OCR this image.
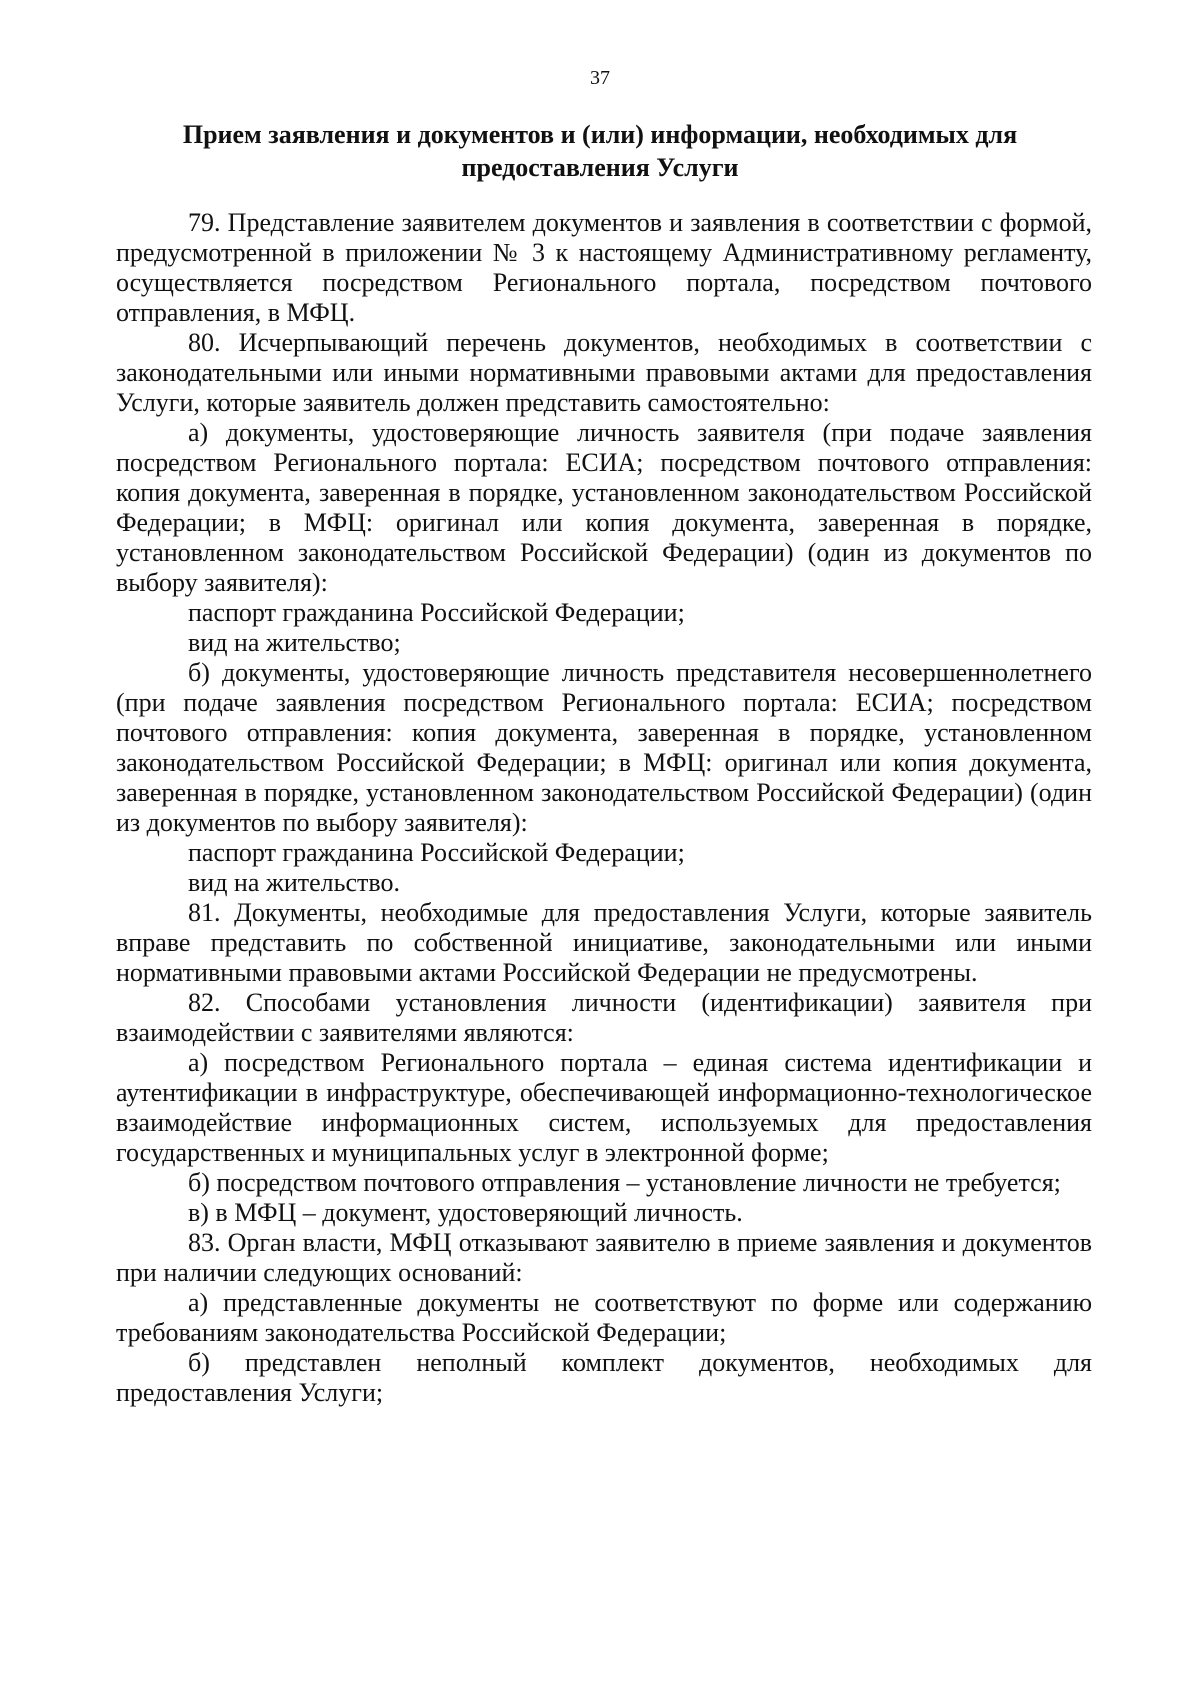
37
Прием заявления и документов и (или) информации, необходимых для предоставления Услуги

79. Представление заявителем документов и заявления в соответствии с формой, предусмотренной в приложении № 3 к настоящему Административному регламенту, осуществляется посредством Регионального портала, посредством почтового отправления, в МФЦ.

80. Исчерпывающий перечень документов, необходимых в соответствии с законодательными или иными нормативными правовыми актами для предоставления Услуги, которые заявитель должен представить самостоятельно:

а) документы, удостоверяющие личность заявителя (при подаче заявления посредством Регионального портала: ЕСИА; посредством почтового отправления: копия документа, заверенная в порядке, установленном законодательством Российской Федерации; в МФЦ: оригинал или копия документа, заверенная в порядке, установленном законодательством Российской Федерации) (один из документов по выбору заявителя):

паспорт гражданина Российской Федерации;

вид на жительство;

б) документы, удостоверяющие личность представителя несовершеннолетнего (при подаче заявления посредством Регионального портала: ЕСИА; посредством почтового отправления: копия документа, заверенная в порядке, установленном законодательством Российской Федерации; в МФЦ: оригинал или копия документа, заверенная в порядке, установленном законодательством Российской Федерации) (один из документов по выбору заявителя):

паспорт гражданина Российской Федерации;

вид на жительство.

81. Документы, необходимые для предоставления Услуги, которые заявитель вправе представить по собственной инициативе, законодательными или иными нормативными правовыми актами Российской Федерации не предусмотрены.

82. Способами установления личности (идентификации) заявителя при взаимодействии с заявителями являются:

а) посредством Регионального портала – единая система идентификации и аутентификации в инфраструктуре, обеспечивающей информационно-технологическое взаимодействие информационных систем, используемых для предоставления государственных и муниципальных услуг в электронной форме;

б) посредством почтового отправления – установление личности не требуется;

в) в МФЦ – документ, удостоверяющий личность.

83. Орган власти, МФЦ отказывают заявителю в приеме заявления и документов при наличии следующих оснований:

а) представленные документы не соответствуют по форме или содержанию требованиям законодательства Российской Федерации;

б) представлен неполный комплект документов, необходимых для предоставления Услуги;
